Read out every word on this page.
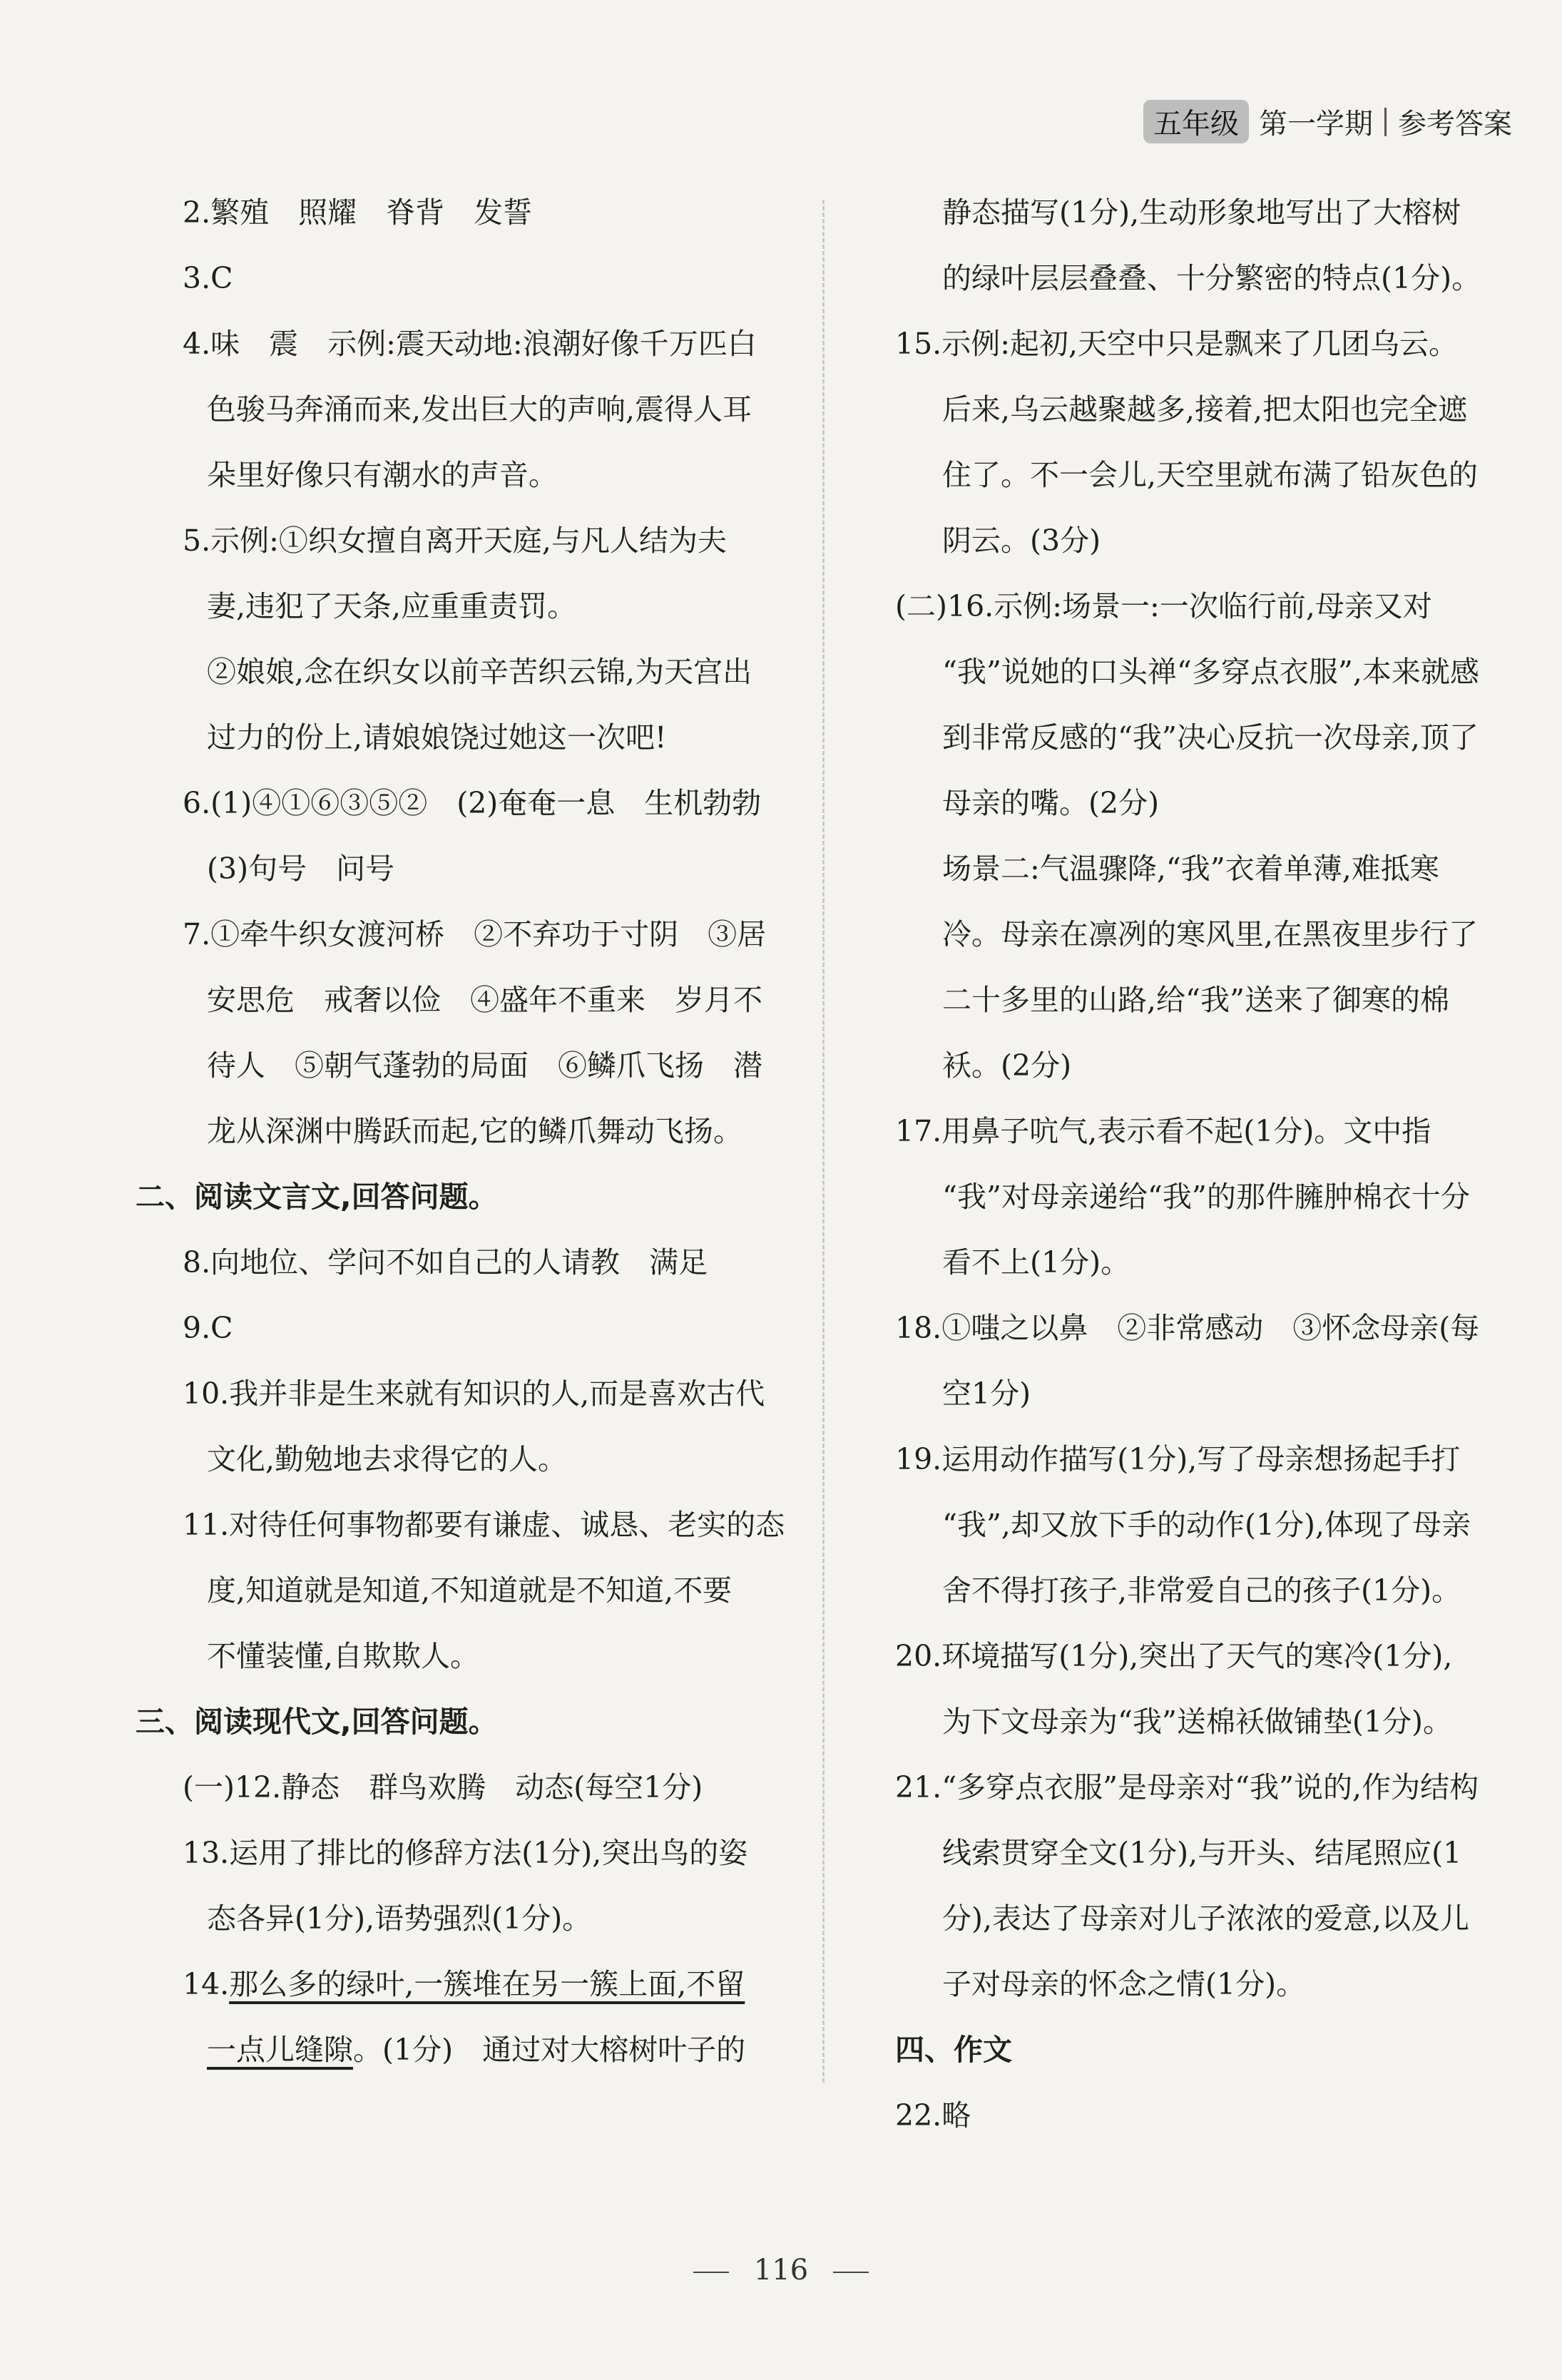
五年级 第一学期 参考答案

2.繁殖　照耀　脊背　发誓

3.C

4.味　震　示例:震天动地:浪潮好像千万匹白

色骏马奔涌而来,发出巨大的声响,震得人耳

朵里好像只有潮水的声音。

5.示例:①织女擅自离开天庭,与凡人结为夫

妻,违犯了天条,应重重责罚。

②娘娘,念在织女以前辛苦织云锦,为天宫出

过力的份上,请娘娘饶过她这一次吧!

6.(1)④①⑥③⑤②　(2)奄奄一息　生机勃勃

(3)句号　问号

7.①牵牛织女渡河桥　②不弃功于寸阴　③居

安思危　戒奢以俭　④盛年不重来　岁月不

待人　⑤朝气蓬勃的局面　⑥鳞爪飞扬　潜

龙从深渊中腾跃而起,它的鳞爪舞动飞扬。

二、阅读文言文,回答问题。

8.向地位、学问不如自己的人请教　满足

9.C

10.我并非是生来就有知识的人,而是喜欢古代

文化,勤勉地去求得它的人。

11.对待任何事物都要有谦虚、诚恳、老实的态

度,知道就是知道,不知道就是不知道,不要

不懂装懂,自欺欺人。

三、阅读现代文,回答问题。

(一)12.静态　群鸟欢腾　动态(每空1分)

13.运用了排比的修辞方法(1分),突出鸟的姿

态各异(1分),语势强烈(1分)。

14.那么多的绿叶,一簇堆在另一簇上面,不留

一点儿缝隙。(1分)　通过对大榕树叶子的

静态描写(1分),生动形象地写出了大榕树

的绿叶层层叠叠、十分繁密的特点(1分)。

15.示例:起初,天空中只是飘来了几团乌云。

后来,乌云越聚越多,接着,把太阳也完全遮

住了。不一会儿,天空里就布满了铅灰色的

阴云。(3分)

(二)16.示例:场景一:一次临行前,母亲又对

“我”说她的口头禅“多穿点衣服”,本来就感

到非常反感的“我”决心反抗一次母亲,顶了

母亲的嘴。(2分)

场景二:气温骤降,“我”衣着单薄,难抵寒

冷。母亲在凛冽的寒风里,在黑夜里步行了

二十多里的山路,给“我”送来了御寒的棉

袄。(2分)

17.用鼻子吭气,表示看不起(1分)。文中指

“我”对母亲递给“我”的那件臃肿棉衣十分

看不上(1分)。

18.①嗤之以鼻　②非常感动　③怀念母亲(每

空1分)

19.运用动作描写(1分),写了母亲想扬起手打

“我”,却又放下手的动作(1分),体现了母亲

舍不得打孩子,非常爱自己的孩子(1分)。

20.环境描写(1分),突出了天气的寒冷(1分),

为下文母亲为“我”送棉袄做铺垫(1分)。

21.“多穿点衣服”是母亲对“我”说的,作为结构

线索贯穿全文(1分),与开头、结尾照应(1

分),表达了母亲对儿子浓浓的爱意,以及儿

子对母亲的怀念之情(1分)。

四、作文

22.略

116
